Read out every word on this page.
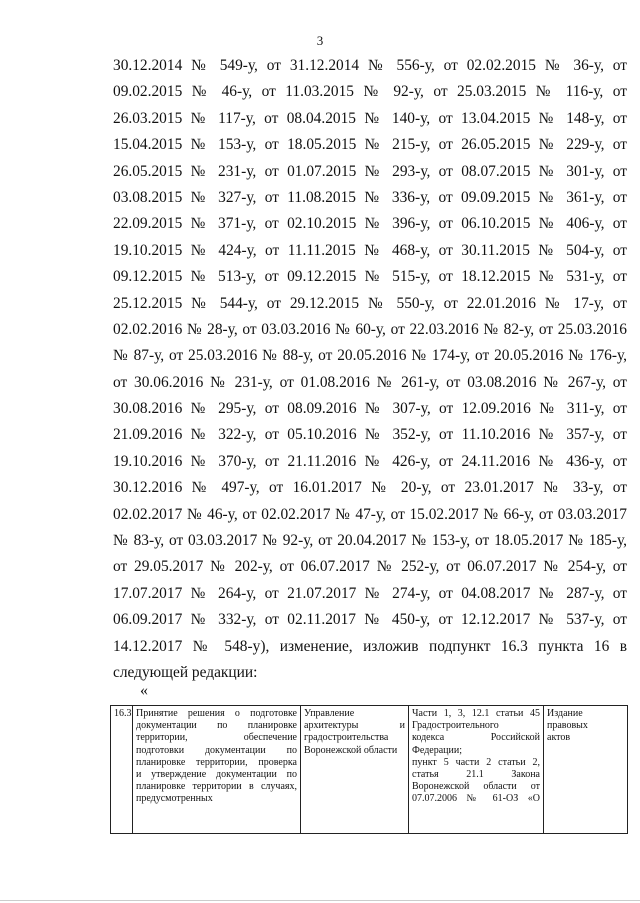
3
30.12.2014 № 549-у, от 31.12.2014 № 556-у, от 02.02.2015 № 36-у, от
09.02.2015 № 46-у, от 11.03.2015 № 92-у, от 25.03.2015 № 116-у, от
26.03.2015 № 117-у, от 08.04.2015 № 140-у, от 13.04.2015 № 148-у, от
15.04.2015 № 153-у, от 18.05.2015 № 215-у, от 26.05.2015 № 229-у, от
26.05.2015 № 231-у, от 01.07.2015 № 293-у, от 08.07.2015 № 301-у, от
03.08.2015 № 327-у, от 11.08.2015 № 336-у, от 09.09.2015 № 361-у, от
22.09.2015 № 371-у, от 02.10.2015 № 396-у, от 06.10.2015 № 406-у, от
19.10.2015 № 424-у, от 11.11.2015 № 468-у, от 30.11.2015 № 504-у, от
09.12.2015 № 513-у, от 09.12.2015 № 515-у, от 18.12.2015 № 531-у, от
25.12.2015 № 544-у, от 29.12.2015 № 550-у, от 22.01.2016 № 17-у, от
02.02.2016 № 28-у, от 03.03.2016 № 60-у, от 22.03.2016 № 82-у, от 25.03.2016
№ 87-у, от 25.03.2016 № 88-у, от 20.05.2016 № 174-у, от 20.05.2016 № 176-у,
от 30.06.2016 № 231-у, от 01.08.2016 № 261-у, от 03.08.2016 № 267-у, от
30.08.2016 № 295-у, от 08.09.2016 № 307-у, от 12.09.2016 № 311-у, от
21.09.2016 № 322-у, от 05.10.2016 № 352-у, от 11.10.2016 № 357-у, от
19.10.2016 № 370-у, от 21.11.2016 № 426-у, от 24.11.2016 № 436-у, от
30.12.2016 № 497-у, от 16.01.2017 № 20-у, от 23.01.2017 № 33-у, от
02.02.2017 № 46-у, от 02.02.2017 № 47-у, от 15.02.2017 № 66-у, от 03.03.2017
№ 83-у, от 03.03.2017 № 92-у, от 20.04.2017 № 153-у, от 18.05.2017 № 185-у,
от 29.05.2017 № 202-у, от 06.07.2017 № 252-у, от 06.07.2017 № 254-у, от
17.07.2017 № 264-у, от 21.07.2017 № 274-у, от 04.08.2017 № 287-у, от
06.09.2017 № 332-у, от 02.11.2017 № 450-у, от 12.12.2017 № 537-у, от
14.12.2017 № 548-у), изменение, изложив подпункт 16.3 пункта 16 в
следующей редакции:
«
16.3	Принятие решения о подготовке
документации по планировке
территории, обеспечение
подготовки документации по
планировке территории, проверка
и утверждение документации по
планировке территории в случаях,
предусмотренных

Управление
архитектуры и
градостроительства
Воронежской области

Части 1, 3, 12.1 статьи 45
Градостроительного
кодекса Российской
Федерации;
пункт 5 части 2 статьи 2,
статья 21.1 Закона
Воронежской области от
07.07.2006 № 61-ОЗ «О

Издание
правовых
актов
